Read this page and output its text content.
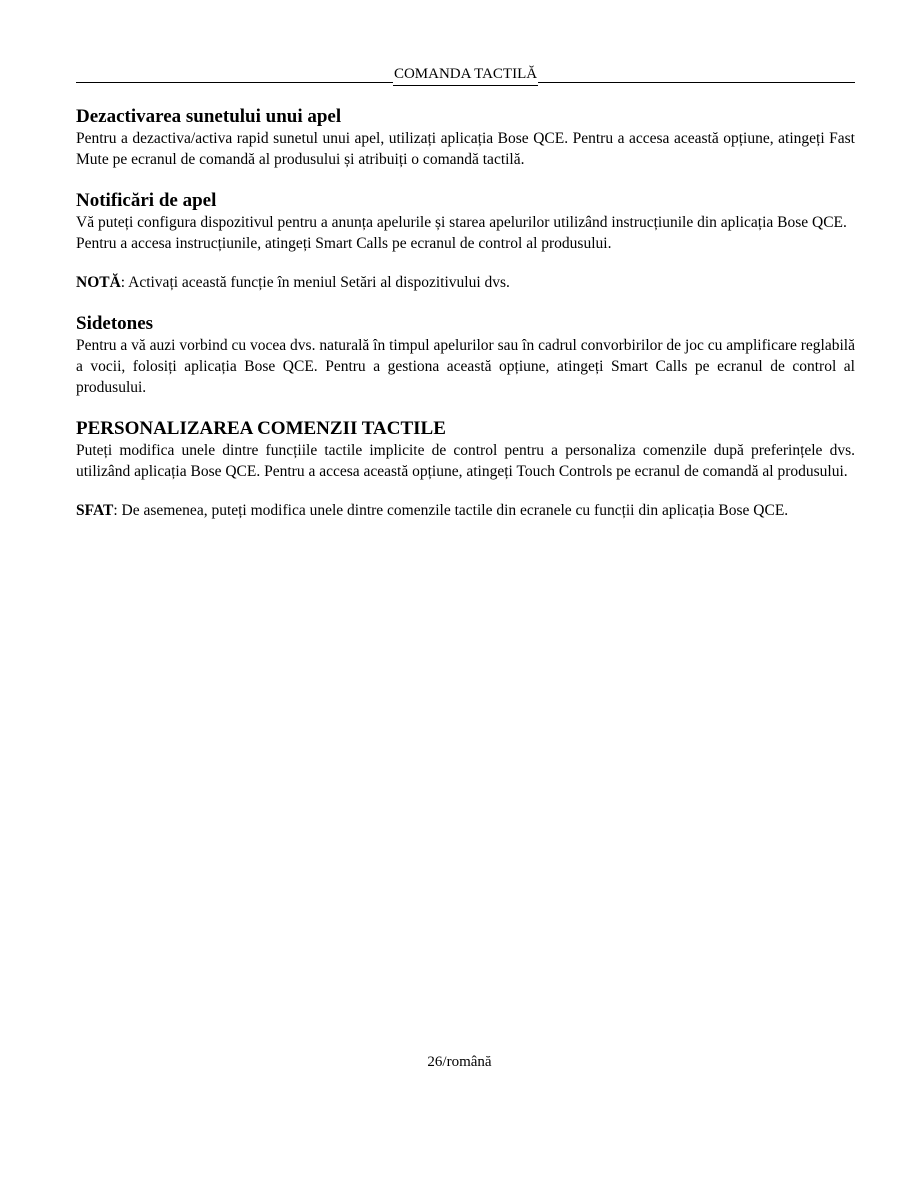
COMANDA TACTILĂ
Dezactivarea sunetului unui apel

Pentru a dezactiva/activa rapid sunetul unui apel, utilizați aplicația Bose QCE. Pentru a accesa această opțiune, atingeți Fast Mute pe ecranul de comandă al produsului și atribuiți o comandă tactilă.

Notificări de apel

Vă puteți configura dispozitivul pentru a anunța apelurile și starea apelurilor utilizând instrucțiunile din aplicația Bose QCE. Pentru a accesa instrucțiunile, atingeți Smart Calls pe ecranul de control al produsului.

NOTĂ: Activați această funcție în meniul Setări al dispozitivului dvs.

Sidetones

Pentru a vă auzi vorbind cu vocea dvs. naturală în timpul apelurilor sau în cadrul convorbirilor de joc cu amplificare reglabilă a vocii, folosiți aplicația Bose QCE. Pentru a gestiona această opțiune, atingeți Smart Calls pe ecranul de control al produsului.

PERSONALIZAREA COMENZII TACTILE

Puteți modifica unele dintre funcțiile tactile implicite de control pentru a personaliza comenzile după preferințele dvs. utilizând aplicația Bose QCE. Pentru a accesa această opțiune, atingeți Touch Controls pe ecranul de comandă al produsului.

SFAT: De asemenea, puteți modifica unele dintre comenzile tactile din ecranele cu funcții din aplicația Bose QCE.

26/română
